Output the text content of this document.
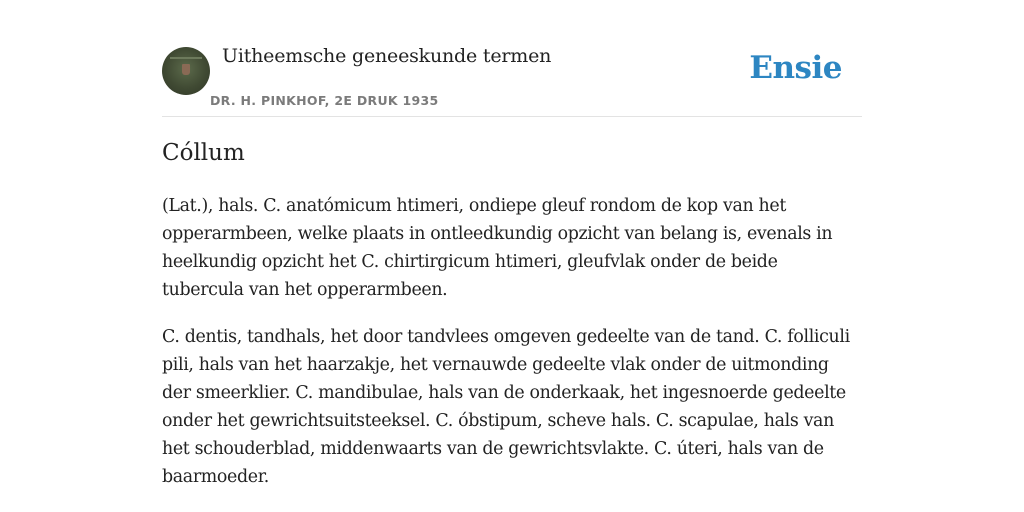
Uitheemsche geneeskunde termen
DR. H. PINKHOF, 2E DRUK 1935
Ensie
Cóllum

(Lat.), hals. C. anatómicum htimeri, ondiepe gleuf rondom de kop van het opperarmbeen, welke plaats in ontleedkundig opzicht van belang is, evenals in heelkundig opzicht het C. chirtirgicum htimeri, gleufvlak onder de beide tubercula van het opperarmbeen.

C. dentis, tandhals, het door tandvlees omgeven gedeelte van de tand. C. folliculi pili, hals van het haarzakje, het vernauwde gedeelte vlak onder de uitmonding der smeerklier. C. mandibulae, hals van de onderkaak, het ingesnoerde gedeelte onder het gewrichtsuitsteeksel. C. óbstipum, scheve hals. C. scapulae, hals van het schouderblad, middenwaarts van de gewrichtsvlakte. C. úteri, hals van de baarmoeder.
